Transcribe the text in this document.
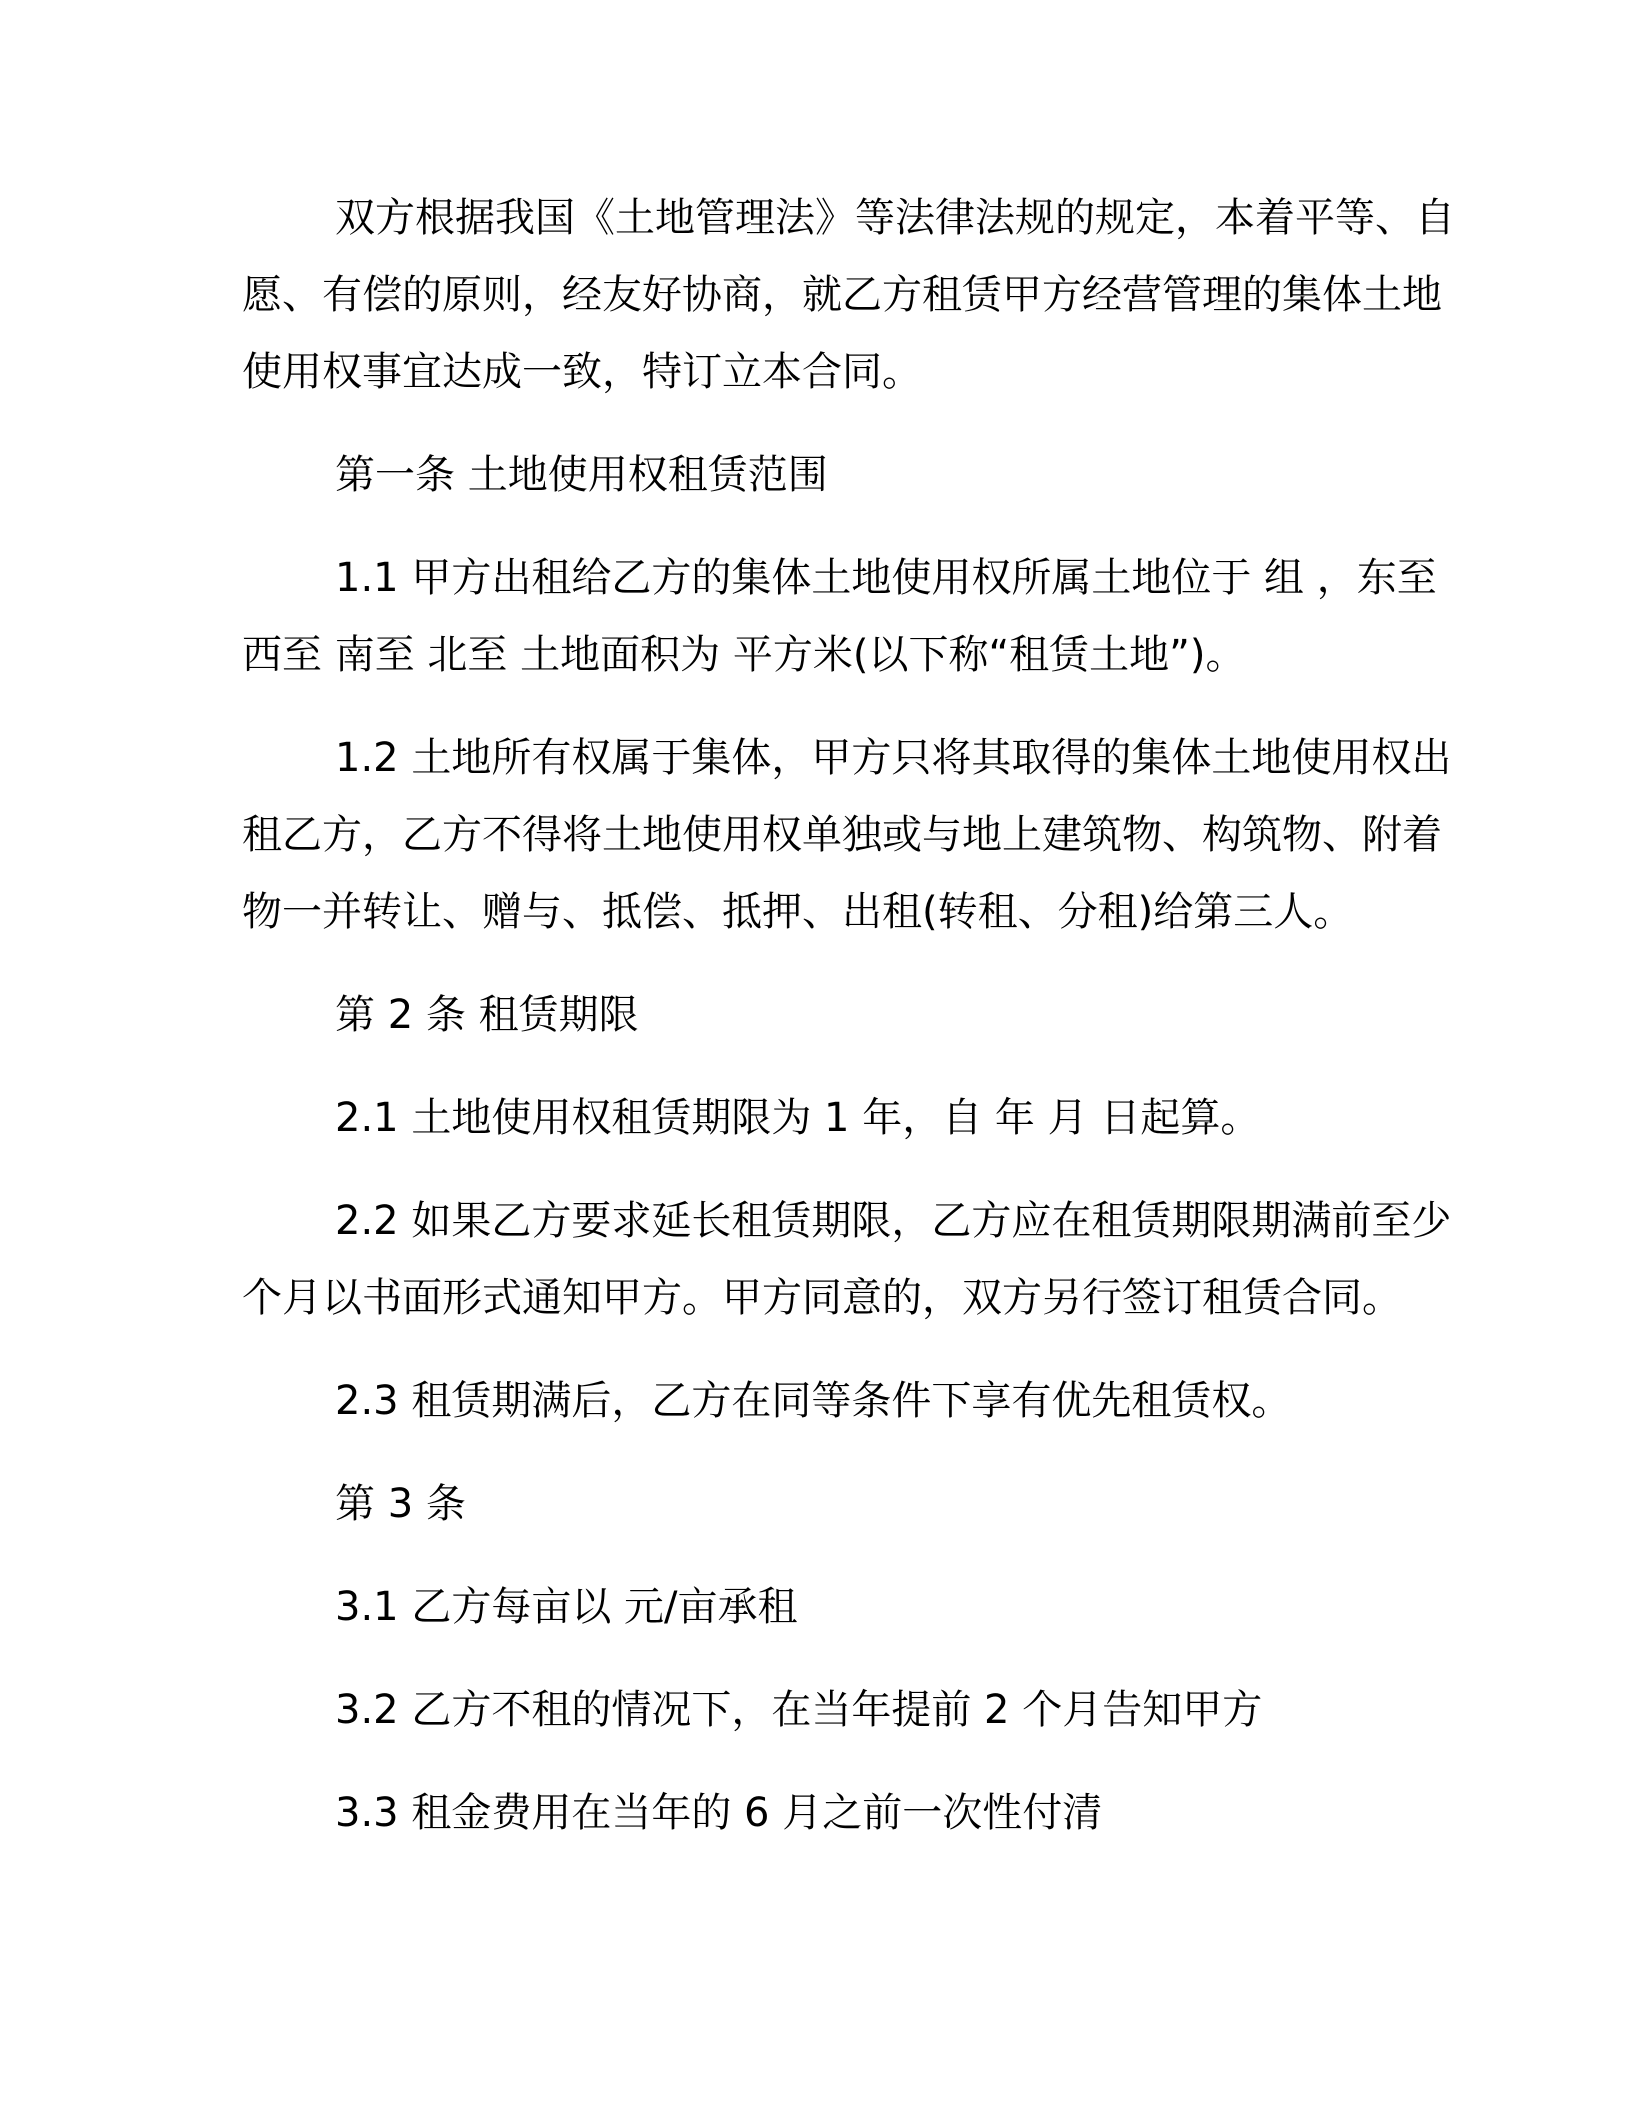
双方根据我国《土地管理法》等法律法规的规定，本着平等、自
愿、有偿的原则，经友好协商，就乙方租赁甲方经营管理的集体土地
使用权事宜达成一致，特订立本合同。
第一条 土地使用权租赁范围
1.1 甲方出租给乙方的集体土地使用权所属土地位于 组 ，东至
西至 南至 北至 土地面积为 平方米(以下称“租赁土地”)。
1.2 土地所有权属于集体，甲方只将其取得的集体土地使用权出
租乙方，乙方不得将土地使用权单独或与地上建筑物、构筑物、附着
物一并转让、赠与、抵偿、抵押、出租(转租、分租)给第三人。
第 2 条 租赁期限
2.1 土地使用权租赁期限为 1 年，自 年 月 日起算。
2.2 如果乙方要求延长租赁期限，乙方应在租赁期限期满前至少
个月以书面形式通知甲方。甲方同意的，双方另行签订租赁合同。
2.3 租赁期满后，乙方在同等条件下享有优先租赁权。
第 3 条
3.1 乙方每亩以 元/亩承租
3.2 乙方不租的情况下，在当年提前 2 个月告知甲方
3.3 租金费用在当年的 6 月之前一次性付清
